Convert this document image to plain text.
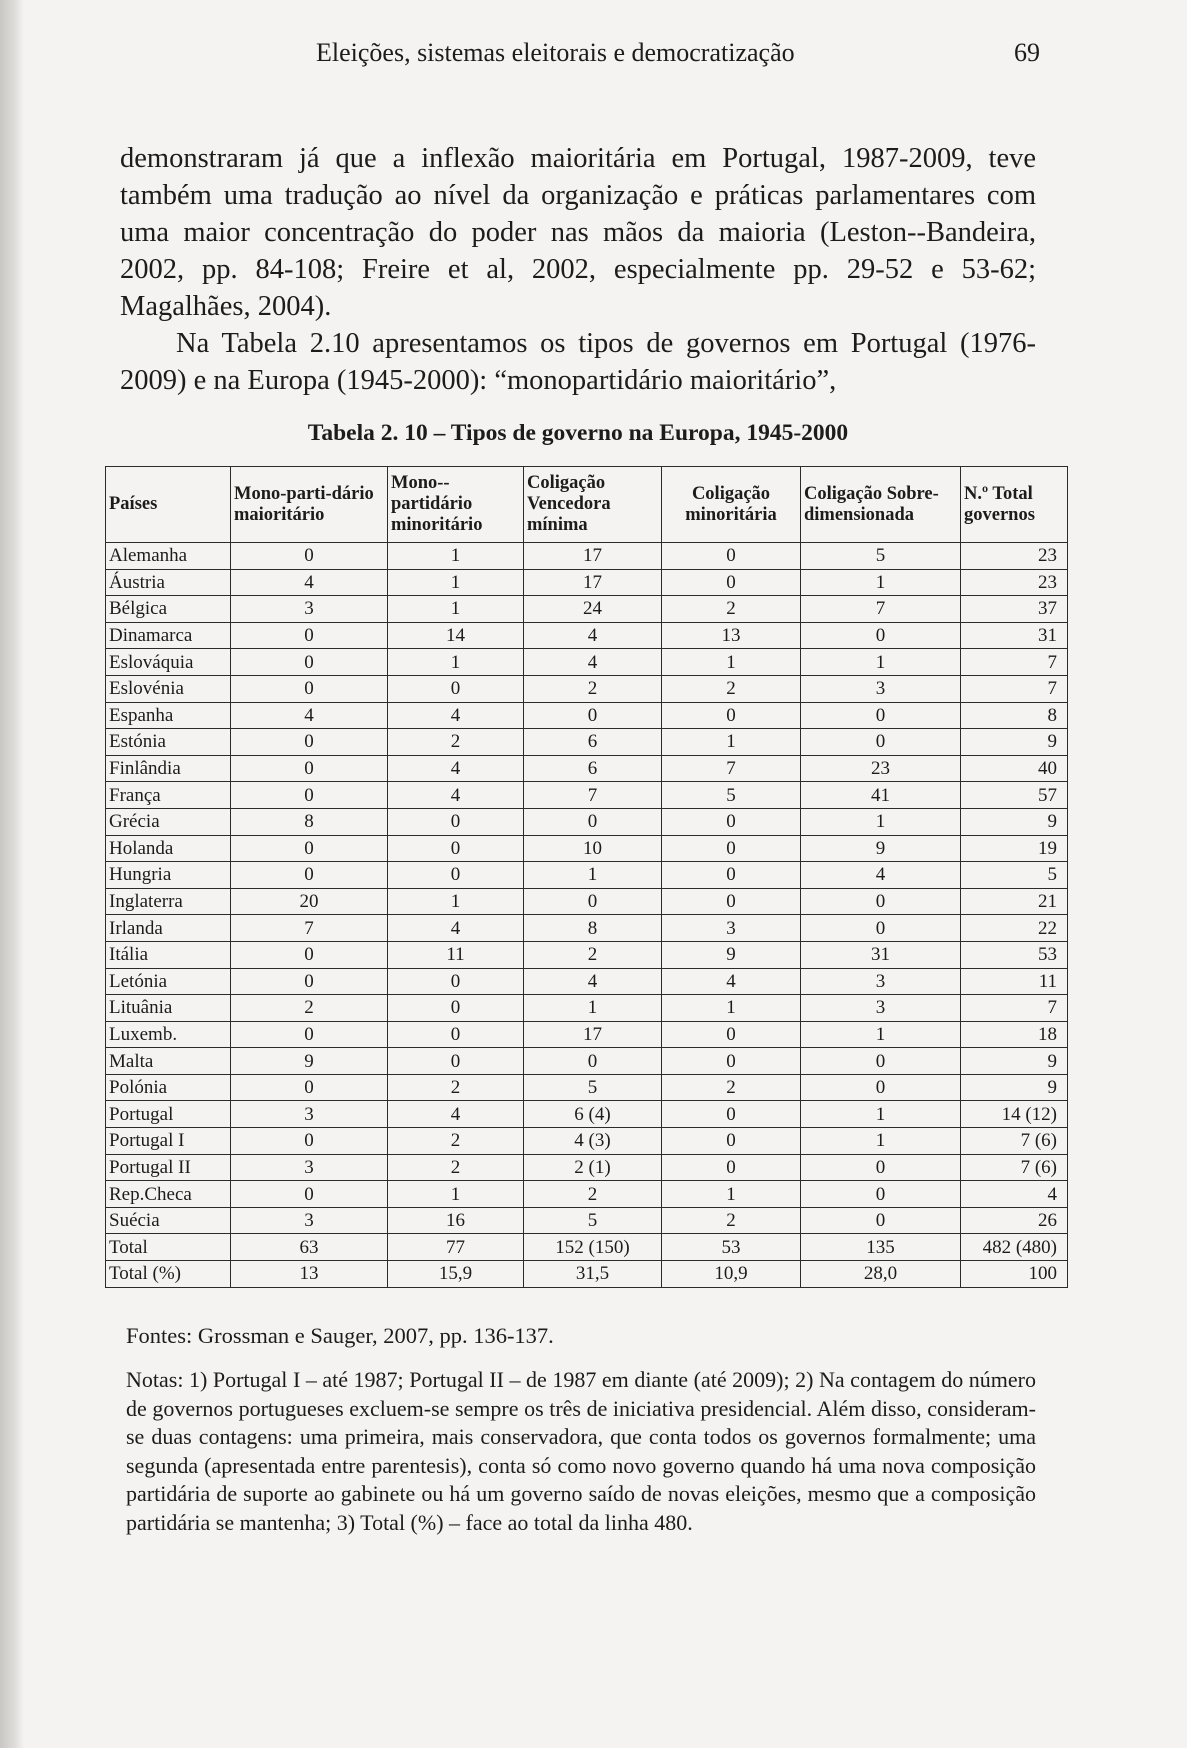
Eleições, sistemas eleitorais e democratização	69

demonstraram já que a inflexão maioritária em Portugal, 1987-2009, teve também uma tradução ao nível da organização e práticas parlamentares com uma maior concentração do poder nas mãos da maioria (Leston--Bandeira, 2002, pp. 84-108; Freire et al, 2002, especialmente pp. 29-52 e 53-62; Magalhães, 2004).

Na Tabela 2.10 apresentamos os tipos de governos em Portugal (1976-2009) e na Europa (1945-2000): “monopartidário maioritário”,

Tabela 2. 10 – Tipos de governo na Europa, 1945-2000
Países	Mono-parti-dário maioritário	Mono--partidário minoritário	Coligação Vencedora mínima	Coligação minoritária	Coligação Sobre-dimensionada	N.º Total governos
Alemanha	0	1	17	0	5	23
Áustria	4	1	17	0	1	23
Bélgica	3	1	24	2	7	37
Dinamarca	0	14	4	13	0	31
Eslováquia	0	1	4	1	1	7
Eslovénia	0	0	2	2	3	7
Espanha	4	4	0	0	0	8
Estónia	0	2	6	1	0	9
Finlândia	0	4	6	7	23	40
França	0	4	7	5	41	57
Grécia	8	0	0	0	1	9
Holanda	0	0	10	0	9	19
Hungria	0	0	1	0	4	5
Inglaterra	20	1	0	0	0	21
Irlanda	7	4	8	3	0	22
Itália	0	11	2	9	31	53
Letónia	0	0	4	4	3	11
Lituânia	2	0	1	1	3	7
Luxemb.	0	0	17	0	1	18
Malta	9	0	0	0	0	9
Polónia	0	2	5	2	0	9
Portugal	3	4	6 (4)	0	1	14 (12)
Portugal I	0	2	4 (3)	0	1	7 (6)
Portugal II	3	2	2 (1)	0	0	7 (6)
Rep.Checa	0	1	2	1	0	4
Suécia	3	16	5	2	0	26
Total	63	77	152 (150)	53	135	482 (480)
Total (%)	13	15,9	31,5	10,9	28,0	100
Fontes: Grossman e Sauger, 2007, pp. 136-137.
Notas: 1) Portugal I – até 1987; Portugal II – de 1987 em diante (até 2009); 2) Na contagem do número de governos portugueses excluem-se sempre os três de iniciativa presidencial. Além disso, consideram-se duas contagens: uma primeira, mais conservadora, que conta todos os governos formalmente; uma segunda (apresentada entre parentesis), conta só como novo governo quando há uma nova composição partidária de suporte ao gabinete ou há um governo saído de novas eleições, mesmo que a composição partidária se mantenha; 3) Total (%) – face ao total da linha 480.
